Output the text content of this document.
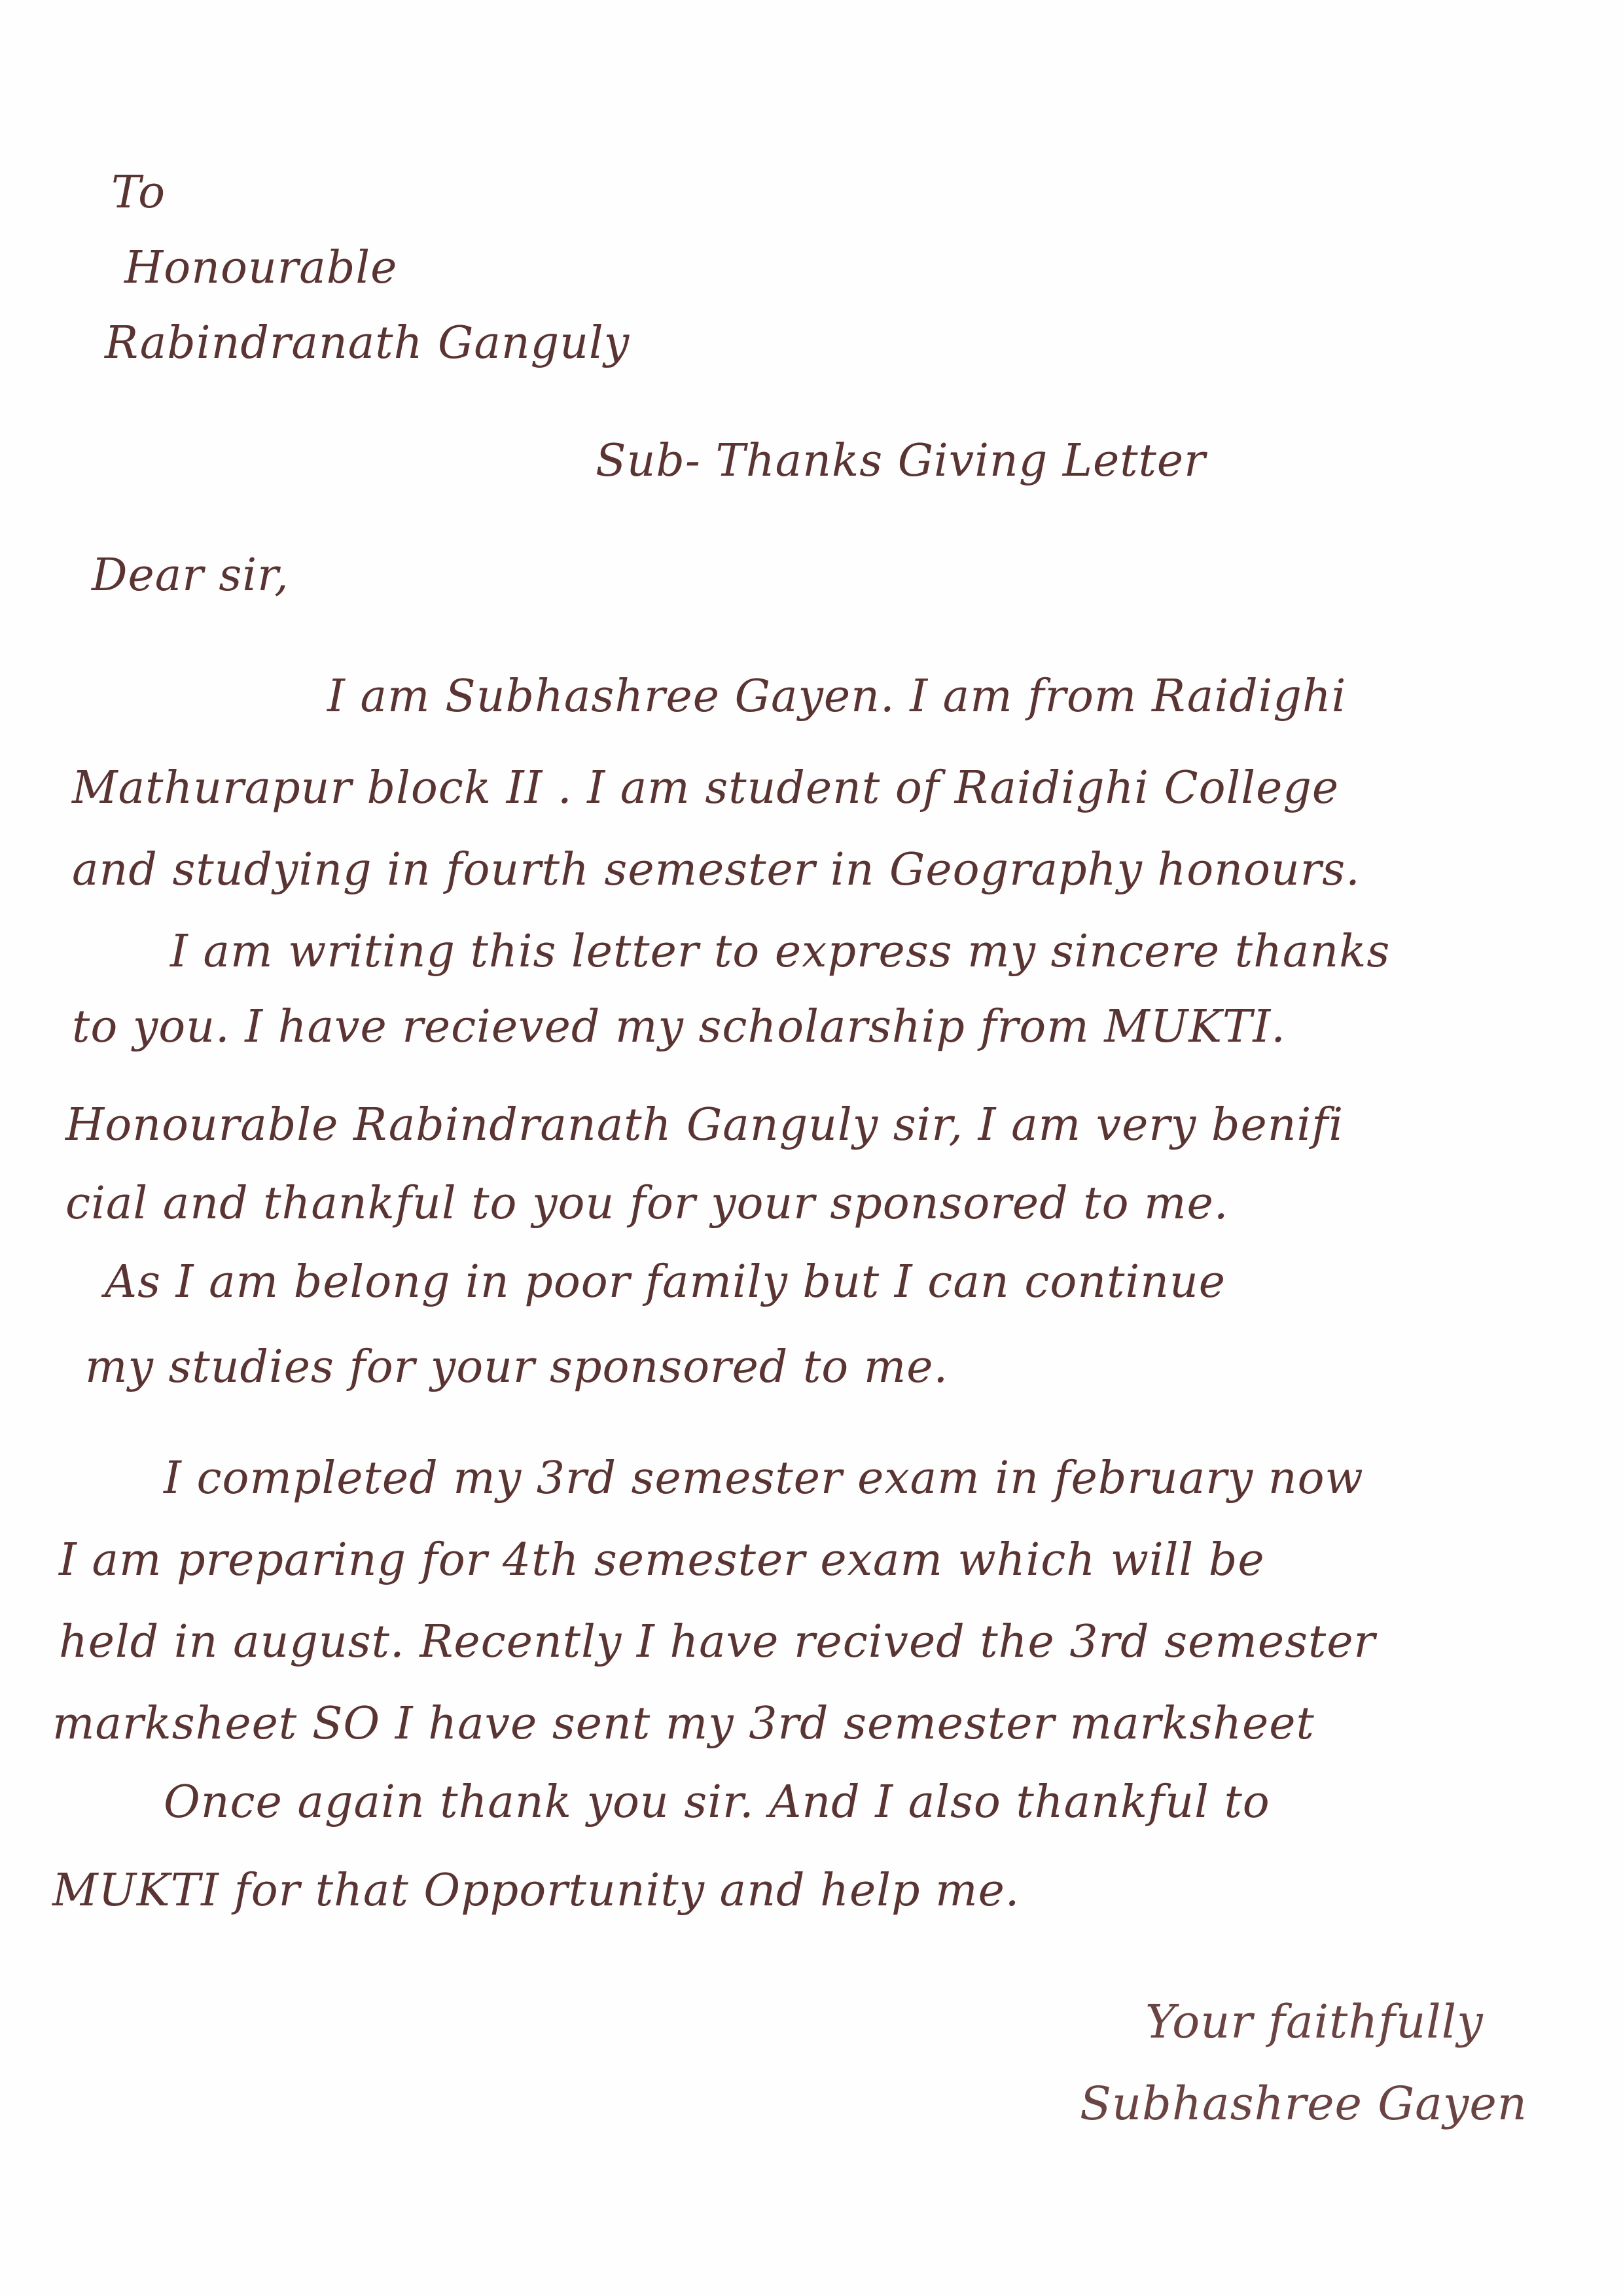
To
Honourable
Rabindranath Ganguly
Sub- Thanks Giving Letter
Dear sir,
I am Subhashree Gayen. I am from Raidighi
Mathurapur block II . I am student of Raidighi College
and studying in fourth semester in Geography honours.
I am writing this letter to express my sincere thanks
to you. I have recieved my scholarship from MUKTI.
Honourable Rabindranath Ganguly sir, I am very benifi
cial and thankful to you for your sponsored to me.
As I am belong in poor family but I can continue
my studies for your sponsored to me.
I completed my 3rd semester exam in february now
I am preparing for 4th semester exam which will be
held in august. Recently I have recived the 3rd semester
marksheet SO I have sent my 3rd semester marksheet
Once again thank you sir. And I also thankful to
MUKTI for that Opportunity and help me.
Your faithfully
Subhashree Gayen
